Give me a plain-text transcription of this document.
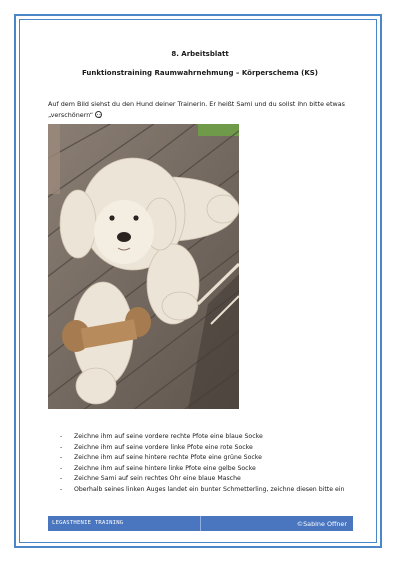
8. Arbeitsblatt
Funktionstraining Raumwahrnehmung – Körperschema (KS)
Auf dem Bild siehst du den Hund deiner Trainerin. Er heißt Sami und du sollst ihn bitte etwas „verschönern“
- Zeichne ihm auf seine vordere rechte Pfote eine blaue Socke
- Zeichne ihm auf seine vordere linke Pfote eine rote Socke
- Zeichne ihm auf seine hintere rechte Pfote eine grüne Socke
- Zeichne ihm auf seine hintere linke Pfote eine gelbe Socke
- Zeichne Sami auf sein rechtes Ohr eine blaue Masche
- Oberhalb seines linken Auges landet ein bunter Schmetterling, zeichne diesen bitte ein
LEGASTHENIE TRAINING	©Sabine Offner
